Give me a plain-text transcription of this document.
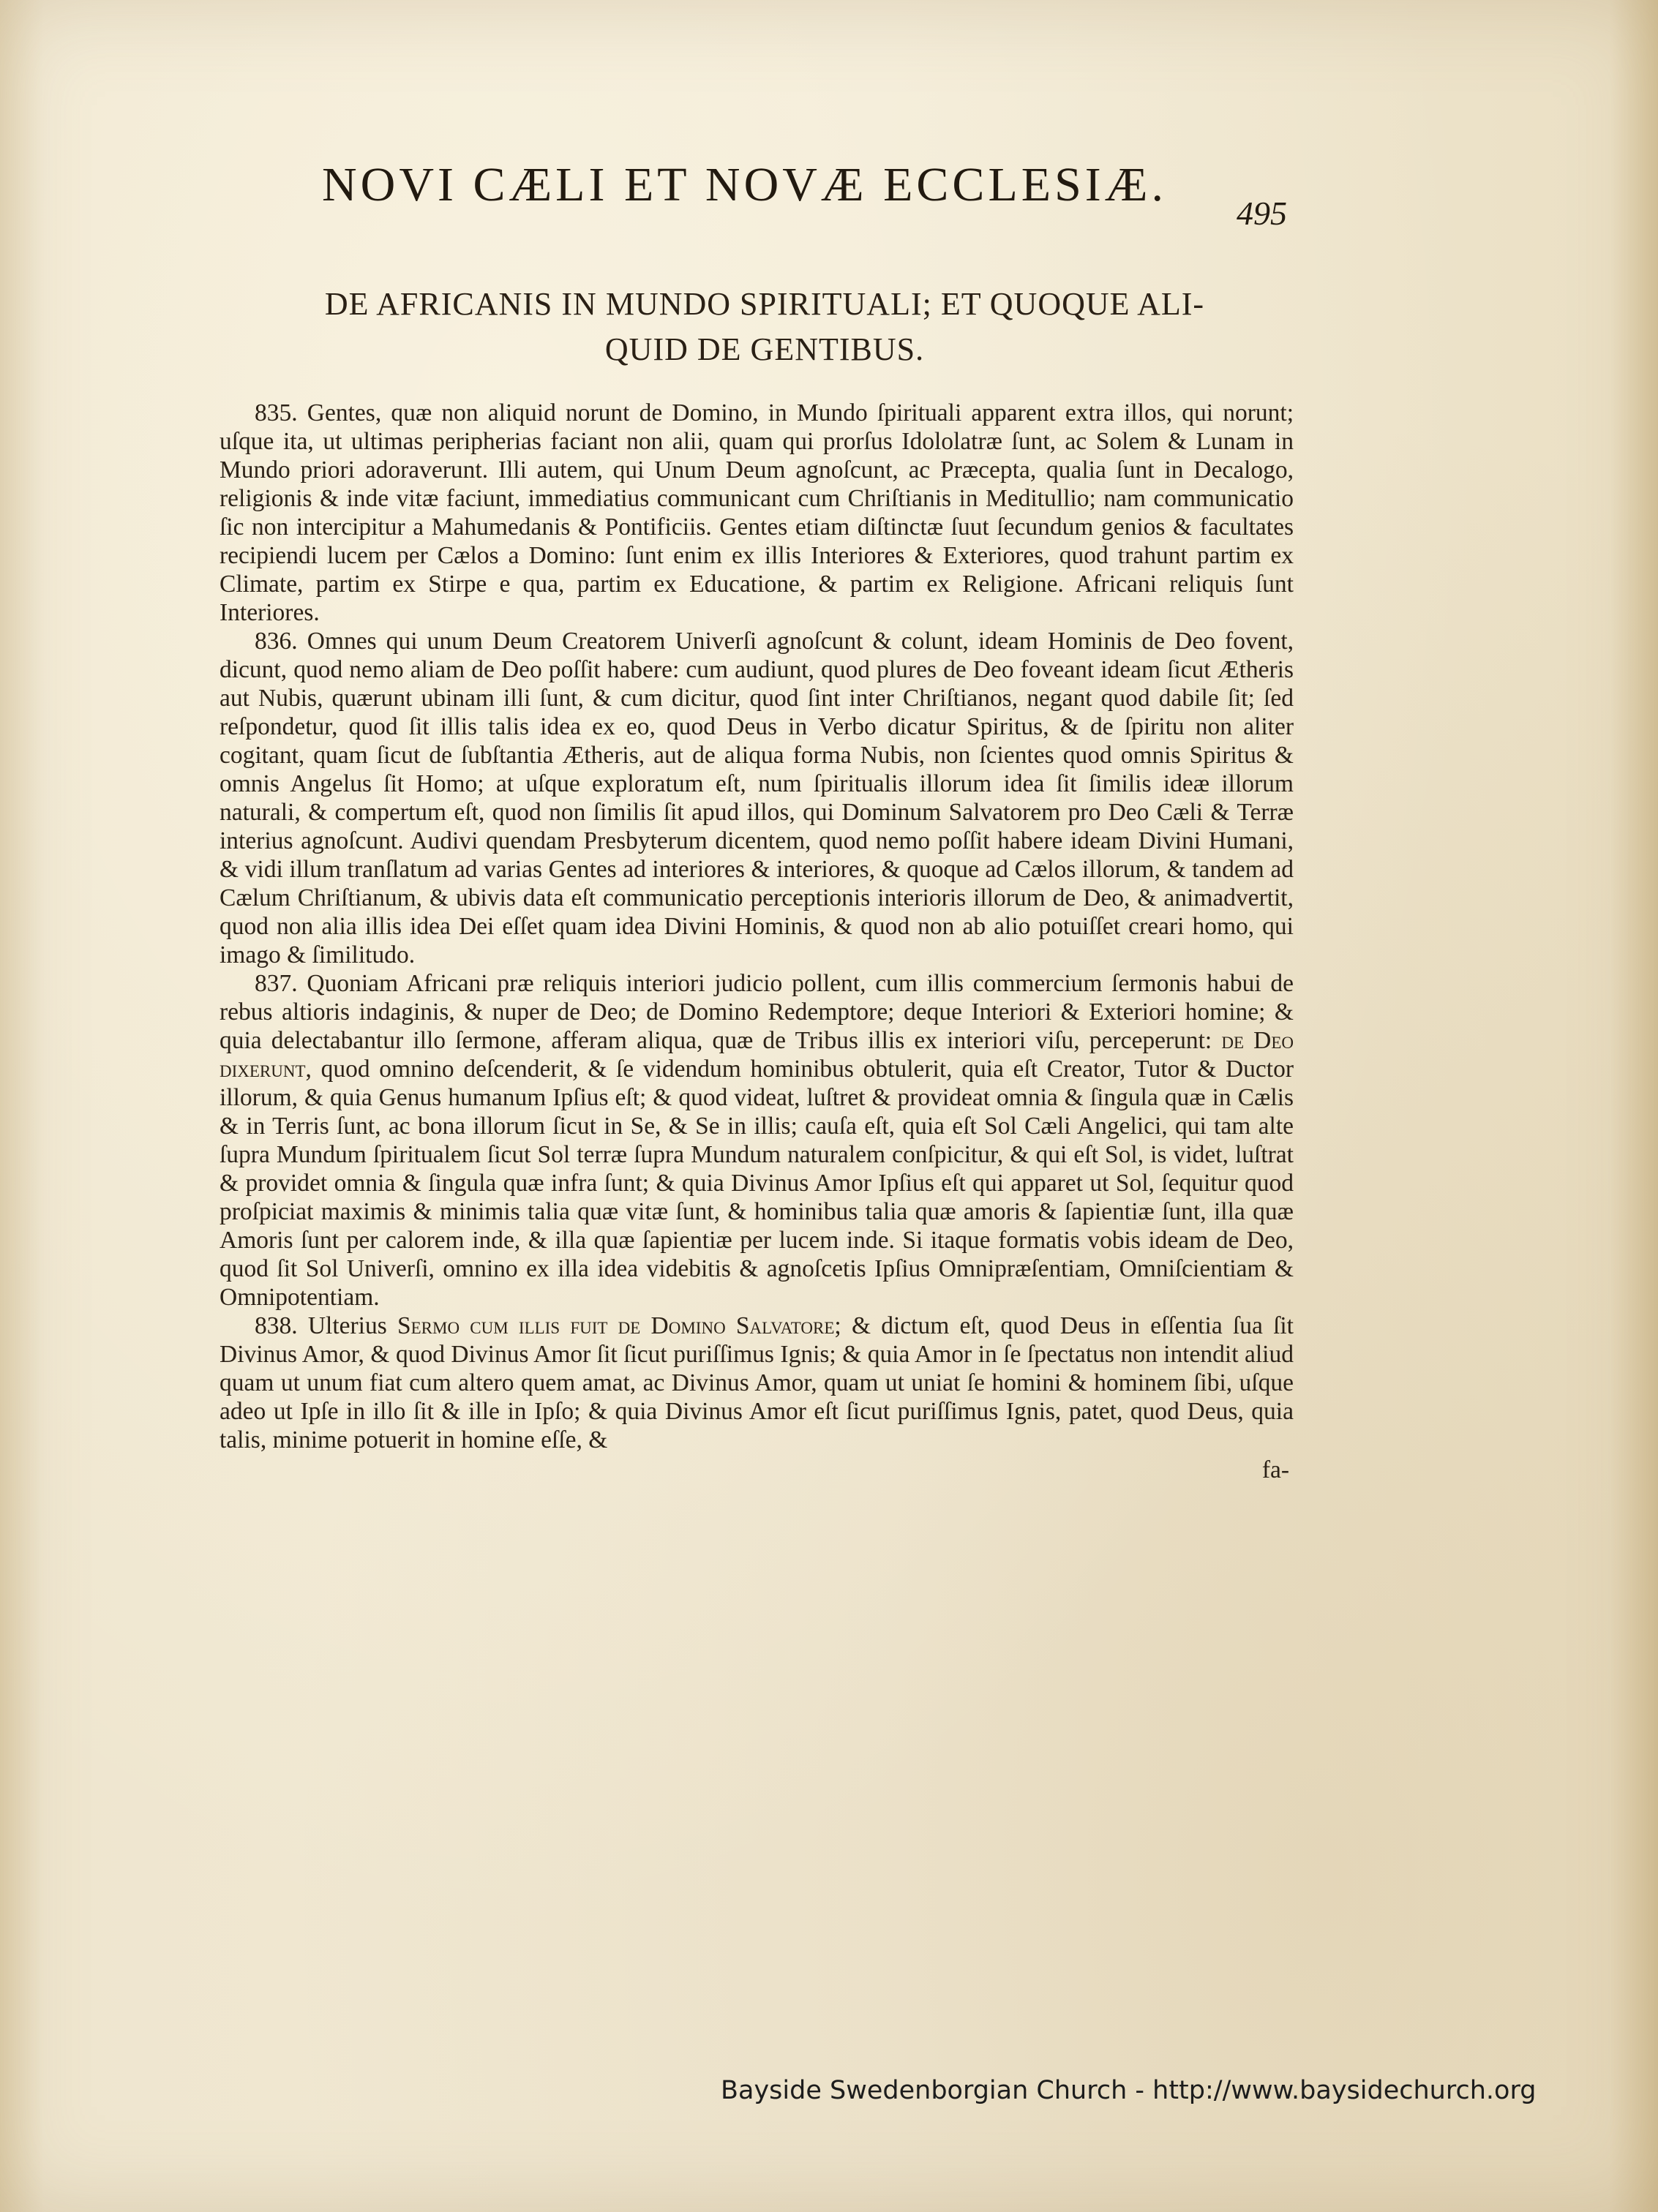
NOVI CÆLI ET NOVÆ ECCLESIÆ.
495
DE AFRICANIS IN MUNDO SPIRITUALI; ET QUOQUE ALI-
QUID DE GENTIBUS.

835. Gentes, quæ non aliquid norunt de Domino, in Mundo ſpirituali apparent extra illos, qui norunt; uſque ita, ut ultimas peripherias faciant non alii, quam qui prorſus Idololatræ ſunt, ac Solem & Lunam in Mundo priori adoraverunt. Illi autem, qui Unum Deum agnoſcunt, ac Præcepta, qualia ſunt in Decalogo, religionis & inde vitæ faciunt, immediatius communicant cum Chriſtianis in Meditullio; nam communicatio ſic non intercipitur a Mahumedanis & Pontificiis. Gentes etiam diſtinctæ ſuut ſecundum genios & facultates recipiendi lucem per Cælos a Domino: ſunt enim ex illis Interiores & Exteriores, quod trahunt partim ex Climate, partim ex Stirpe e qua, partim ex Educatione, & partim ex Religione. Africani reliquis ſunt Interiores.

836. Omnes qui unum Deum Creatorem Univerſi agnoſcunt & colunt, ideam Hominis de Deo fovent, dicunt, quod nemo aliam de Deo poſſit habere: cum audiunt, quod plures de Deo foveant ideam ſicut Ætheris aut Nubis, quærunt ubinam illi ſunt, & cum dicitur, quod ſint inter Chriſtianos, negant quod dabile ſit; ſed reſpondetur, quod ſit illis talis idea ex eo, quod Deus in Verbo dicatur Spiritus, & de ſpiritu non aliter cogitant, quam ſicut de ſubſtantia Ætheris, aut de aliqua forma Nubis, non ſcientes quod omnis Spiritus & omnis Angelus ſit Homo; at uſque exploratum eſt, num ſpiritualis illorum idea ſit ſimilis ideæ illorum naturali, & compertum eſt, quod non ſimilis ſit apud illos, qui Dominum Salvatorem pro Deo Cæli & Terræ interius agnoſcunt. Audivi quendam Presbyterum dicentem, quod nemo poſſit habere ideam Divini Humani, & vidi illum tranſlatum ad varias Gentes ad interiores & interiores, & quoque ad Cælos illorum, & tandem ad Cælum Chriſtianum, & ubivis data eſt communicatio perceptionis interioris illorum de Deo, & animadvertit, quod non alia illis idea Dei eſſet quam idea Divini Hominis, & quod non ab alio potuiſſet creari homo, qui imago & ſimilitudo.

837. Quoniam Africani præ reliquis interiori judicio pollent, cum illis commercium ſermonis habui de rebus altioris indaginis, & nuper de Deo; de Domino Redemptore; deque Interiori & Exteriori homine; & quia delectabantur illo ſermone, afferam aliqua, quæ de Tribus illis ex interiori viſu, perceperunt: de Deo dixerunt, quod omnino deſcenderit, & ſe videndum hominibus obtulerit, quia eſt Creator, Tutor & Ductor illorum, & quia Genus humanum Ipſius eſt; & quod videat, luſtret & provideat omnia & ſingula quæ in Cælis & in Terris ſunt, ac bona illorum ſicut in Se, & Se in illis; cauſa eſt, quia eſt Sol Cæli Angelici, qui tam alte ſupra Mundum ſpiritualem ſicut Sol terræ ſupra Mundum naturalem conſpicitur, & qui eſt Sol, is videt, luſtrat & providet omnia & ſingula quæ infra ſunt; & quia Divinus Amor Ipſius eſt qui apparet ut Sol, ſequitur quod proſpiciat maximis & minimis talia quæ vitæ ſunt, & hominibus talia quæ amoris & ſapientiæ ſunt, illa quæ Amoris ſunt per calorem inde, & illa quæ ſapientiæ per lucem inde. Si itaque formatis vobis ideam de Deo, quod ſit Sol Univerſi, omnino ex illa idea videbitis & agnoſcetis Ipſius Omnipræſentiam, Omniſcientiam & Omnipotentiam.

838. Ulterius Sermo cum illis fuit de Domino Salvatore; & dictum eſt, quod Deus in eſſentia ſua ſit Divinus Amor, & quod Divinus Amor ſit ſicut puriſſimus Ignis; & quia Amor in ſe ſpectatus non intendit aliud quam ut unum fiat cum altero quem amat, ac Divinus Amor, quam ut uniat ſe homini & hominem ſibi, uſque adeo ut Ipſe in illo ſit & ille in Ipſo; & quia Divinus Amor eſt ſicut puriſſimus Ignis, patet, quod Deus, quia talis, minime potuerit in homine eſſe, &

fa-
Bayside Swedenborgian Church - http://www.baysidechurch.org
